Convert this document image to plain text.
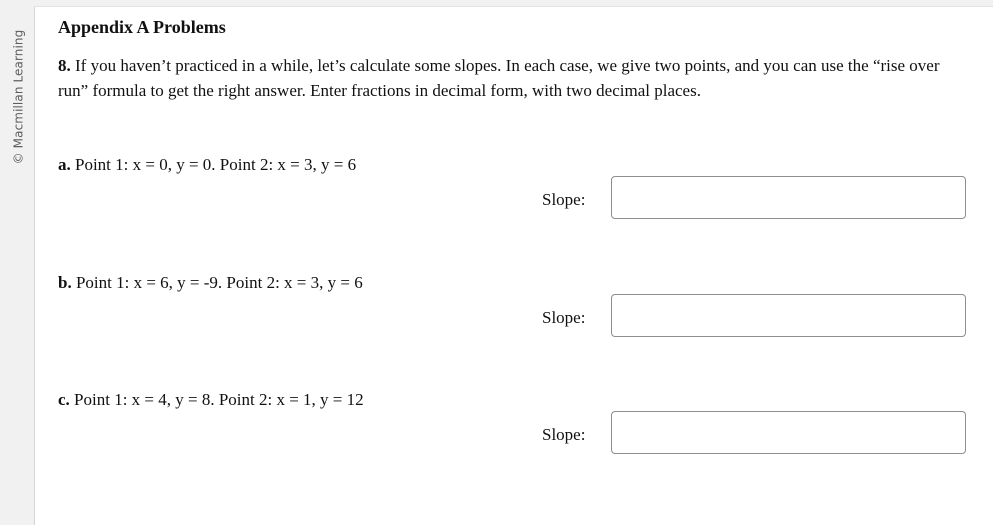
© Macmillan Learning
Appendix A Problems
8. If you haven’t practiced in a while, let’s calculate some slopes. In each case, we give two points, and you can use the “rise over run” formula to get the right answer. Enter fractions in decimal form, with two decimal places.
a. Point 1: x = 0, y = 0. Point 2: x = 3, y = 6
Slope:
b. Point 1: x = 6, y = -9. Point 2: x = 3, y = 6
Slope:
c. Point 1: x = 4, y = 8. Point 2: x = 1, y = 12
Slope:
